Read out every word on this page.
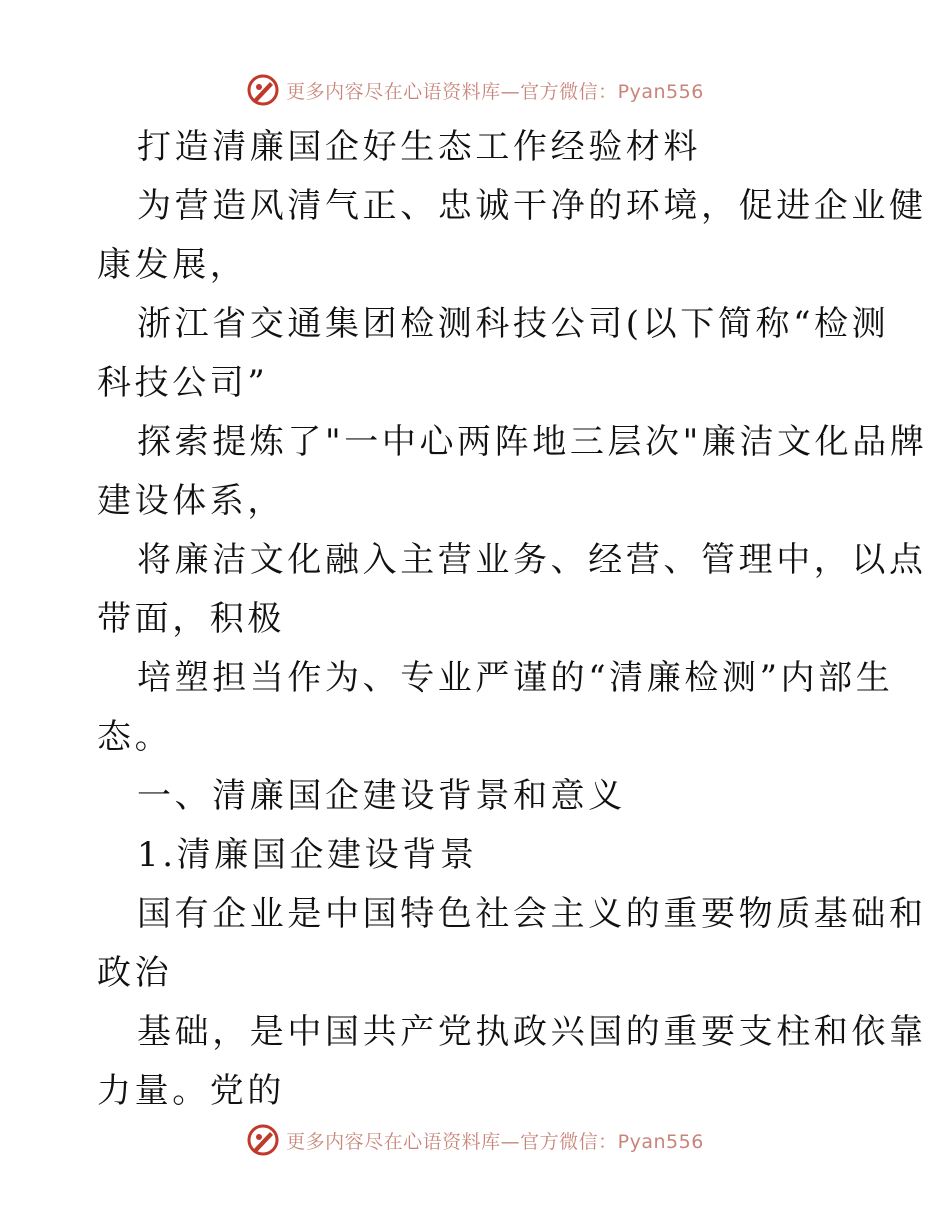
更多内容尽在心语资料库—官方微信：Pyan556
打造清廉国企好生态工作经验材料
为营造风清气正、忠诚干净的环境，促进企业健
康发展，
浙江省交通集团检测科技公司(以下简称“检测
科技公司”
探索提炼了"一中心两阵地三层次"廉洁文化品牌
建设体系，
将廉洁文化融入主营业务、经营、管理中，以点
带面，积极
培塑担当作为、专业严谨的“清廉检测”内部生
态。
一、清廉国企建设背景和意义
1.清廉国企建设背景
国有企业是中国特色社会主义的重要物质基础和
政治
基础，是中国共产党执政兴国的重要支柱和依靠
力量。党的
更多内容尽在心语资料库—官方微信：Pyan556
